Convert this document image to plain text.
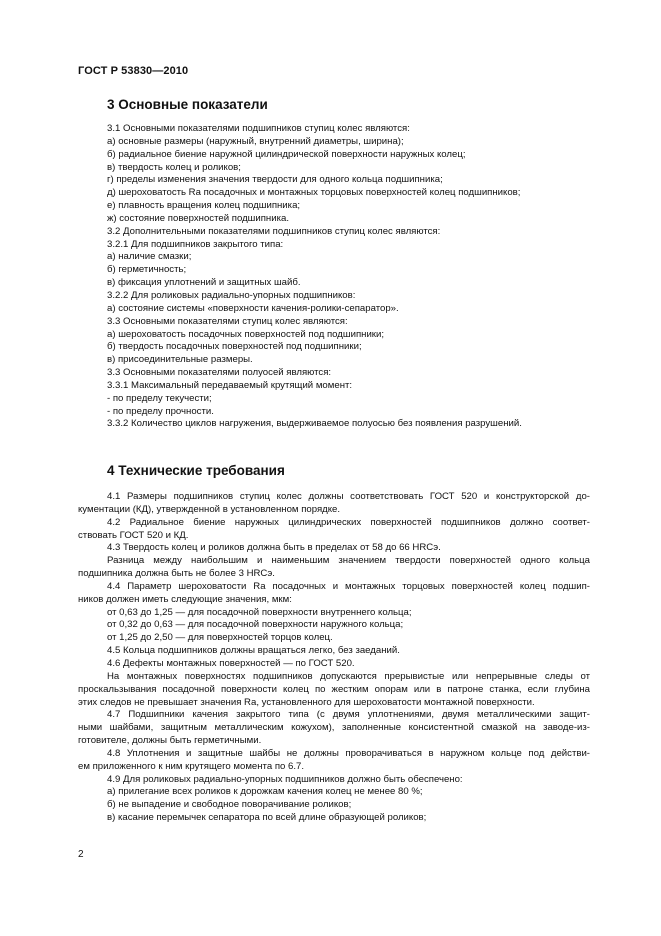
ГОСТ Р 53830—2010
3 Основные показатели

3.1 Основными показателями подшипников ступиц колес являются:

а) основные размеры (наружный, внутренний диаметры, ширина);

б) радиальное биение наружной цилиндрической поверхности наружных колец;

в) твердость колец и роликов;

г) пределы изменения значения твердости для одного кольца подшипника;

д) шероховатость Ra посадочных и монтажных торцовых поверхностей колец подшипников;

е) плавность вращения колец подшипника;

ж) состояние поверхностей подшипника.

3.2 Дополнительными показателями подшипников ступиц колес являются:

3.2.1 Для подшипников закрытого типа:

а) наличие смазки;

б) герметичность;

в) фиксация уплотнений и защитных шайб.

3.2.2 Для роликовых радиально-упорных подшипников:

а) состояние системы «поверхности качения-ролики-сепаратор».

3.3 Основными показателями ступиц колес являются:

а) шероховатость посадочных поверхностей под подшипники;

б) твердость посадочных поверхностей под подшипники;

в) присоединительные размеры.

3.3 Основными показателями полуосей являются:

3.3.1 Максимальный передаваемый крутящий момент:

- по пределу текучести;

- по пределу прочности.

3.3.2 Количество циклов нагружения, выдерживаемое полуосью без появления разрушений.

4 Технические требования

4.1 Размеры подшипников ступиц колес должны соответствовать ГОСТ 520 и конструкторской до-

кументации (КД), утвержденной в установленном порядке.

4.2 Радиальное биение наружных цилиндрических поверхностей подшипников должно соответ-

ствовать ГОСТ 520 и КД.

4.3 Твердость колец и роликов должна быть в пределах от 58 до 66 HRCэ.

Разница между наибольшим и наименьшим значением твердости поверхностей одного кольца

подшипника должна быть не более 3 HRCэ.

4.4 Параметр шероховатости Ra посадочных и монтажных торцовых поверхностей колец подшип-

ников должен иметь следующие значения, мкм:

от 0,63 до 1,25 — для посадочной поверхности внутреннего кольца;

от 0,32 до 0,63 — для посадочной поверхности наружного кольца;

от 1,25 до 2,50 — для поверхностей торцов колец.

4.5 Кольца подшипников должны вращаться легко, без заеданий.

4.6 Дефекты монтажных поверхностей — по ГОСТ 520.

На монтажных поверхностях подшипников допускаются прерывистые или непрерывные следы от

проскальзывания посадочной поверхности колец по жестким опорам или в патроне станка, если глубина

этих следов не превышает значения Ra, установленного для шероховатости монтажной поверхности.

4.7 Подшипники качения закрытого типа (с двумя уплотнениями, двумя металлическими защит-

ными шайбами, защитным металлическим кожухом), заполненные консистентной смазкой на заводе-из-

готовителе, должны быть герметичными.

4.8 Уплотнения и защитные шайбы не должны проворачиваться в наружном кольце под действи-

ем приложенного к ним крутящего момента по 6.7.

4.9 Для роликовых радиально-упорных подшипников должно быть обеспечено:

а) прилегание всех роликов к дорожкам качения колец не менее 80 %;

б) не выпадение и свободное поворачивание роликов;

в) касание перемычек сепаратора по всей длине образующей роликов;

2
